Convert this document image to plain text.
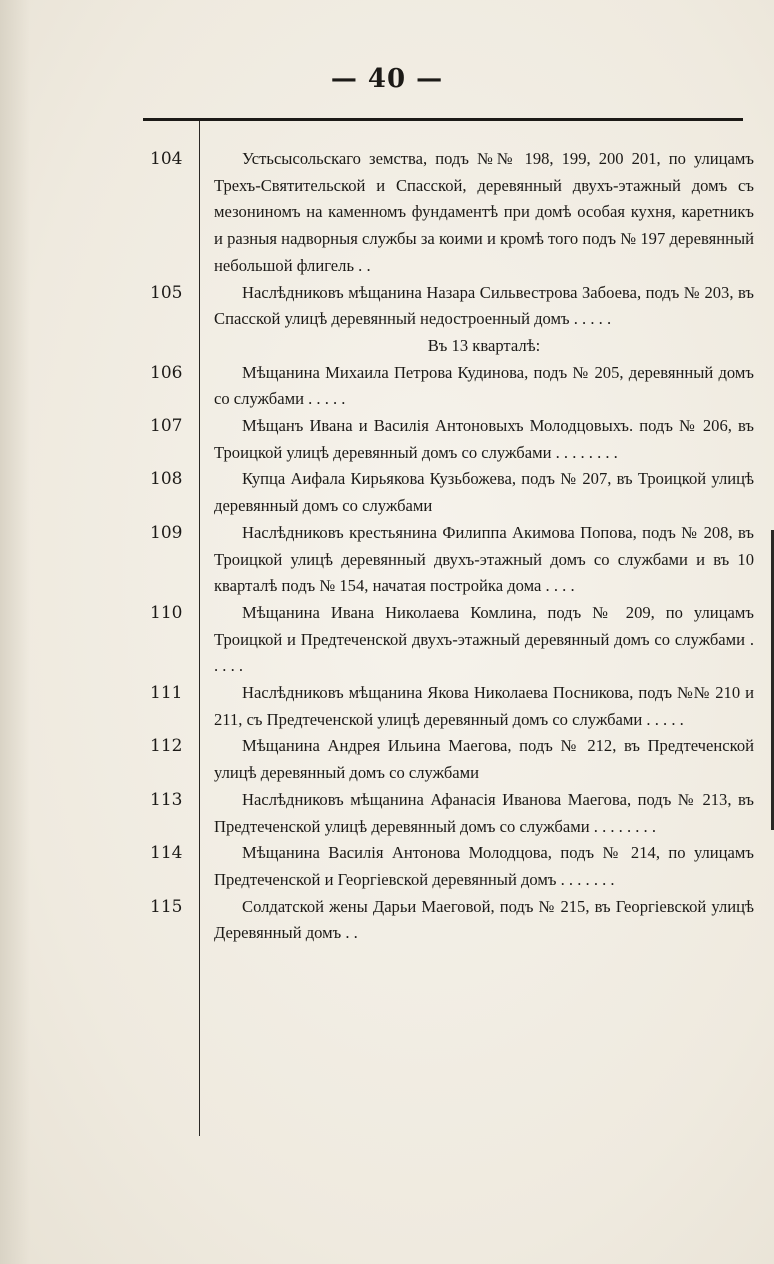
— 40 —
104	Устьсысольскаго земства, подъ №№ 198, 199, 200 201, по улицамъ Трехъ-Святительской и Спасской, деревянный двухъ-этажный домъ съ мезониномъ на каменномъ фундаментѣ при домѣ особая кухня, каретникъ и разныя надворныя службы за коими и кромѣ того подъ № 197 деревянный небольшой флигель . .
105	Наслѣдниковъ мѣщанина Назара Сильвестрова Забоева, подъ № 203, въ Спасской улицѣ деревянный недостроенный домъ . . . . .
Въ 13 кварталѣ:
106	Мѣщанина Михаила Петрова Кудинова, подъ № 205, деревянный домъ со службами . . . . .
107	Мѣщанъ Ивана и Василія Антоновыхъ Молодцовыхъ. подъ № 206, въ Троицкой улицѣ деревянный домъ со службами . . . . . . . .
108	Купца Аифала Кирьякова Кузьбожева, подъ № 207, въ Троицкой улицѣ деревянный домъ со службами
109	Наслѣдниковъ крестьянина Филиппа Акимова Попова, подъ № 208, въ Троицкой улицѣ деревянный двухъ-этажный домъ со службами и въ 10 кварталѣ подъ № 154, начатая постройка дома . . . .
110	Мѣщанина Ивана Николаева Комлина, подъ № 209, по улицамъ Троицкой и Предтеченской двухъ-этажный деревянный домъ со службами . . . . .
111	Наслѣдниковъ мѣщанина Якова Николаева Посникова, подъ №№ 210 и 211, съ Предтеченской улицѣ деревянный домъ со службами . . . . .
112	Мѣщанина Андрея Ильина Маегова, подъ № 212, въ Предтеченской улицѣ деревянный домъ со службами
113	Наслѣдниковъ мѣщанина Афанасія Иванова Маегова, подъ № 213, въ Предтеченской улицѣ деревянный домъ со службами . . . . . . . .
114	Мѣщанина Василія Антонова Молодцова, подъ № 214, по улицамъ Предтеченской и Георгіевской деревянный домъ . . . . . . .
115	Солдатской жены Дарьи Маеговой, подъ № 215, въ Георгіевской улицѣ Деревянный домъ . .
